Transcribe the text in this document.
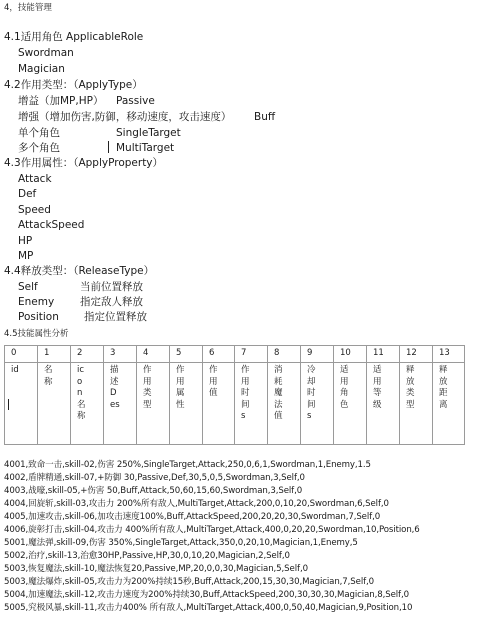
4，技能管理
4.1适用角色 ApplicableRole
Swordman
Magician
4.2作用类型：（ApplyType）
增益（加MP,HP） Passive
增强（增加伤害,防御，移动速度，攻击速度） Buff
单个角色	SingleTarget
多个角色	MultiTarget
4.3作用属性：（ApplyProperty）
Attack
Def
Speed
AttackSpeed
HP
MP
4.4释放类型：（ReleaseType）
Self	当前位置释放
Enemy 指定敌人释放
Position 指定位置释放
4.5技能属性分析
0	1	2	3	4	5	6	7	8	9	10	11	12	13
id	名称	icon名称	描述Des	作用类型	作用属性	作用值	作用时间s	消耗魔法值	冷却时间s	适用角色	适用等级	释放类型	释放距离
4001,致命一击,skill-02,伤害 250%,SingleTarget,Attack,250,0,6,1,Swordman,1,Enemy,1.5
4002,盾牌精通,skill-07,+防御 30,Passive,Def,30,5,0,5,Swordman,3,Self,0
4003,战嚎,skill-05,+伤害 50,Buff,Attack,50,60,15,60,Swordman,3,Self,0
4004,回旋斩,skill-03,攻击力 200%所有敌人,MultiTarget,Attack,200,0,10,20,Swordman,6,Self,0
4005,加速攻击,skill-06,加攻击速度100%,Buff,AttackSpeed,200,20,20,30,Swordman,7,Self,0
4006,旋彰打击,skill-04,攻击力 400%所有敌人,MultiTarget,Attack,400,0,20,20,Swordman,10,Position,6
5001,魔法弹,skill-09,伤害 350%,SingleTarget,Attack,350,0,20,10,Magician,1,Enemy,5
5002,治疗,skill-13,治愈30HP,Passive,HP,30,0,10,20,Magician,2,Self,0
5003,恢复魔法,skill-10,魔法恢复20,Passive,MP,20,0,0,30,Magician,5,Self,0
5003,魔法爆炸,skill-05,攻击力为200%持续15秒,Buff,Attack,200,15,30,30,Magician,7,Self,0
5004,加速魔法,skill-12,攻击力速度为200%持续30,Buff,AttackSpeed,200,30,30,30,Magician,8,Self,0
5005,究极风暴,skill-11,攻击力400% 所有敌人,MultiTarget,Attack,400,0,50,40,Magician,9,Position,10
